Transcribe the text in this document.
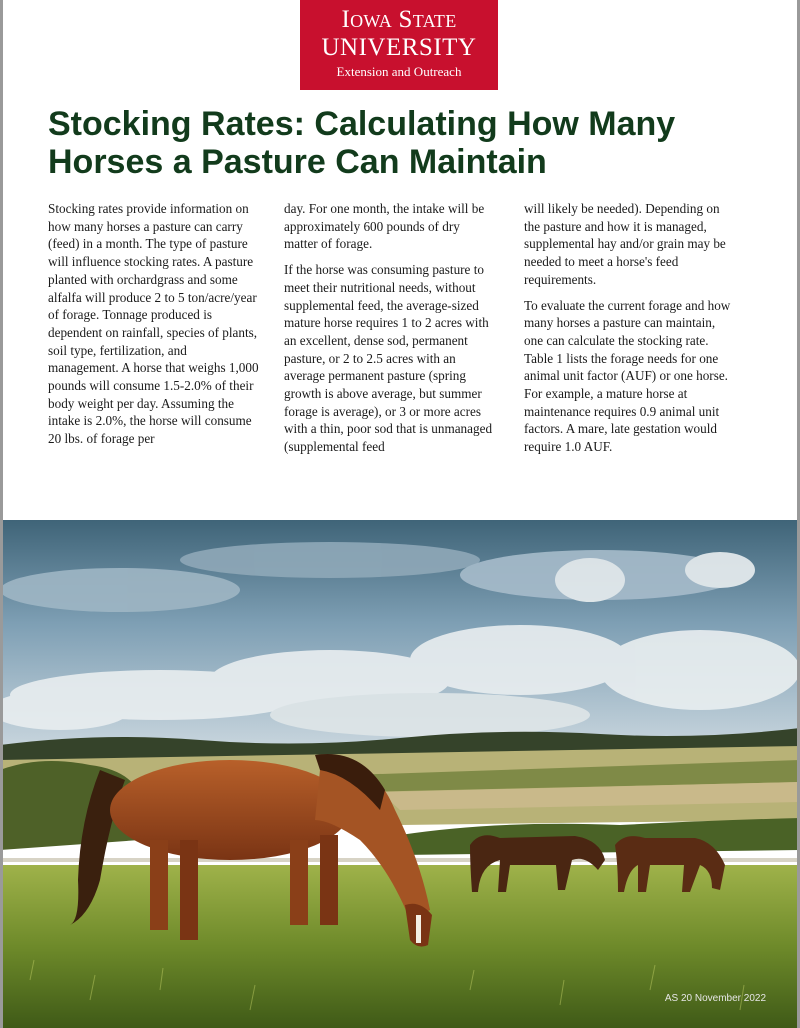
Iowa State
UNIVERSITY
Extension and Outreach
Stocking Rates: Calculating How Many
Horses a Pasture Can Maintain

Stocking rates provide information on how many horses a pasture can carry (feed) in a month. The type of pasture will influence stocking rates. A pasture planted with orchardgrass and some alfalfa will produce 2 to 5 ton/acre/year of forage. Tonnage produced is dependent on rainfall, species of plants, soil type, fertilization, and management. A horse that weighs 1,000 pounds will consume 1.5-2.0% of their body weight per day. Assuming the intake is 2.0%, the horse will consume 20 lbs. of forage per

day. For one month, the intake will be approximately 600 pounds of dry matter of forage.

If the horse was consuming pasture to meet their nutritional needs, without supplemental feed, the average-sized mature horse requires 1 to 2 acres with an excellent, dense sod, permanent pasture, or 2 to 2.5 acres with an average permanent pasture (spring growth is above average, but summer forage is average), or 3 or more acres with a thin, poor sod that is unmanaged (supplemental feed

will likely be needed). Depending on the pasture and how it is managed, supplemental hay and/or grain may be needed to meet a horse's feed requirements.

To evaluate the current forage and how many horses a pasture can maintain, one can calculate the stocking rate. Table 1 lists the forage needs for one animal unit factor (AUF) or one horse. For example, a mature horse at maintenance requires 0.9 animal unit factors. A mare, late gestation would require 1.0 AUF.

AS 20 November 2022
